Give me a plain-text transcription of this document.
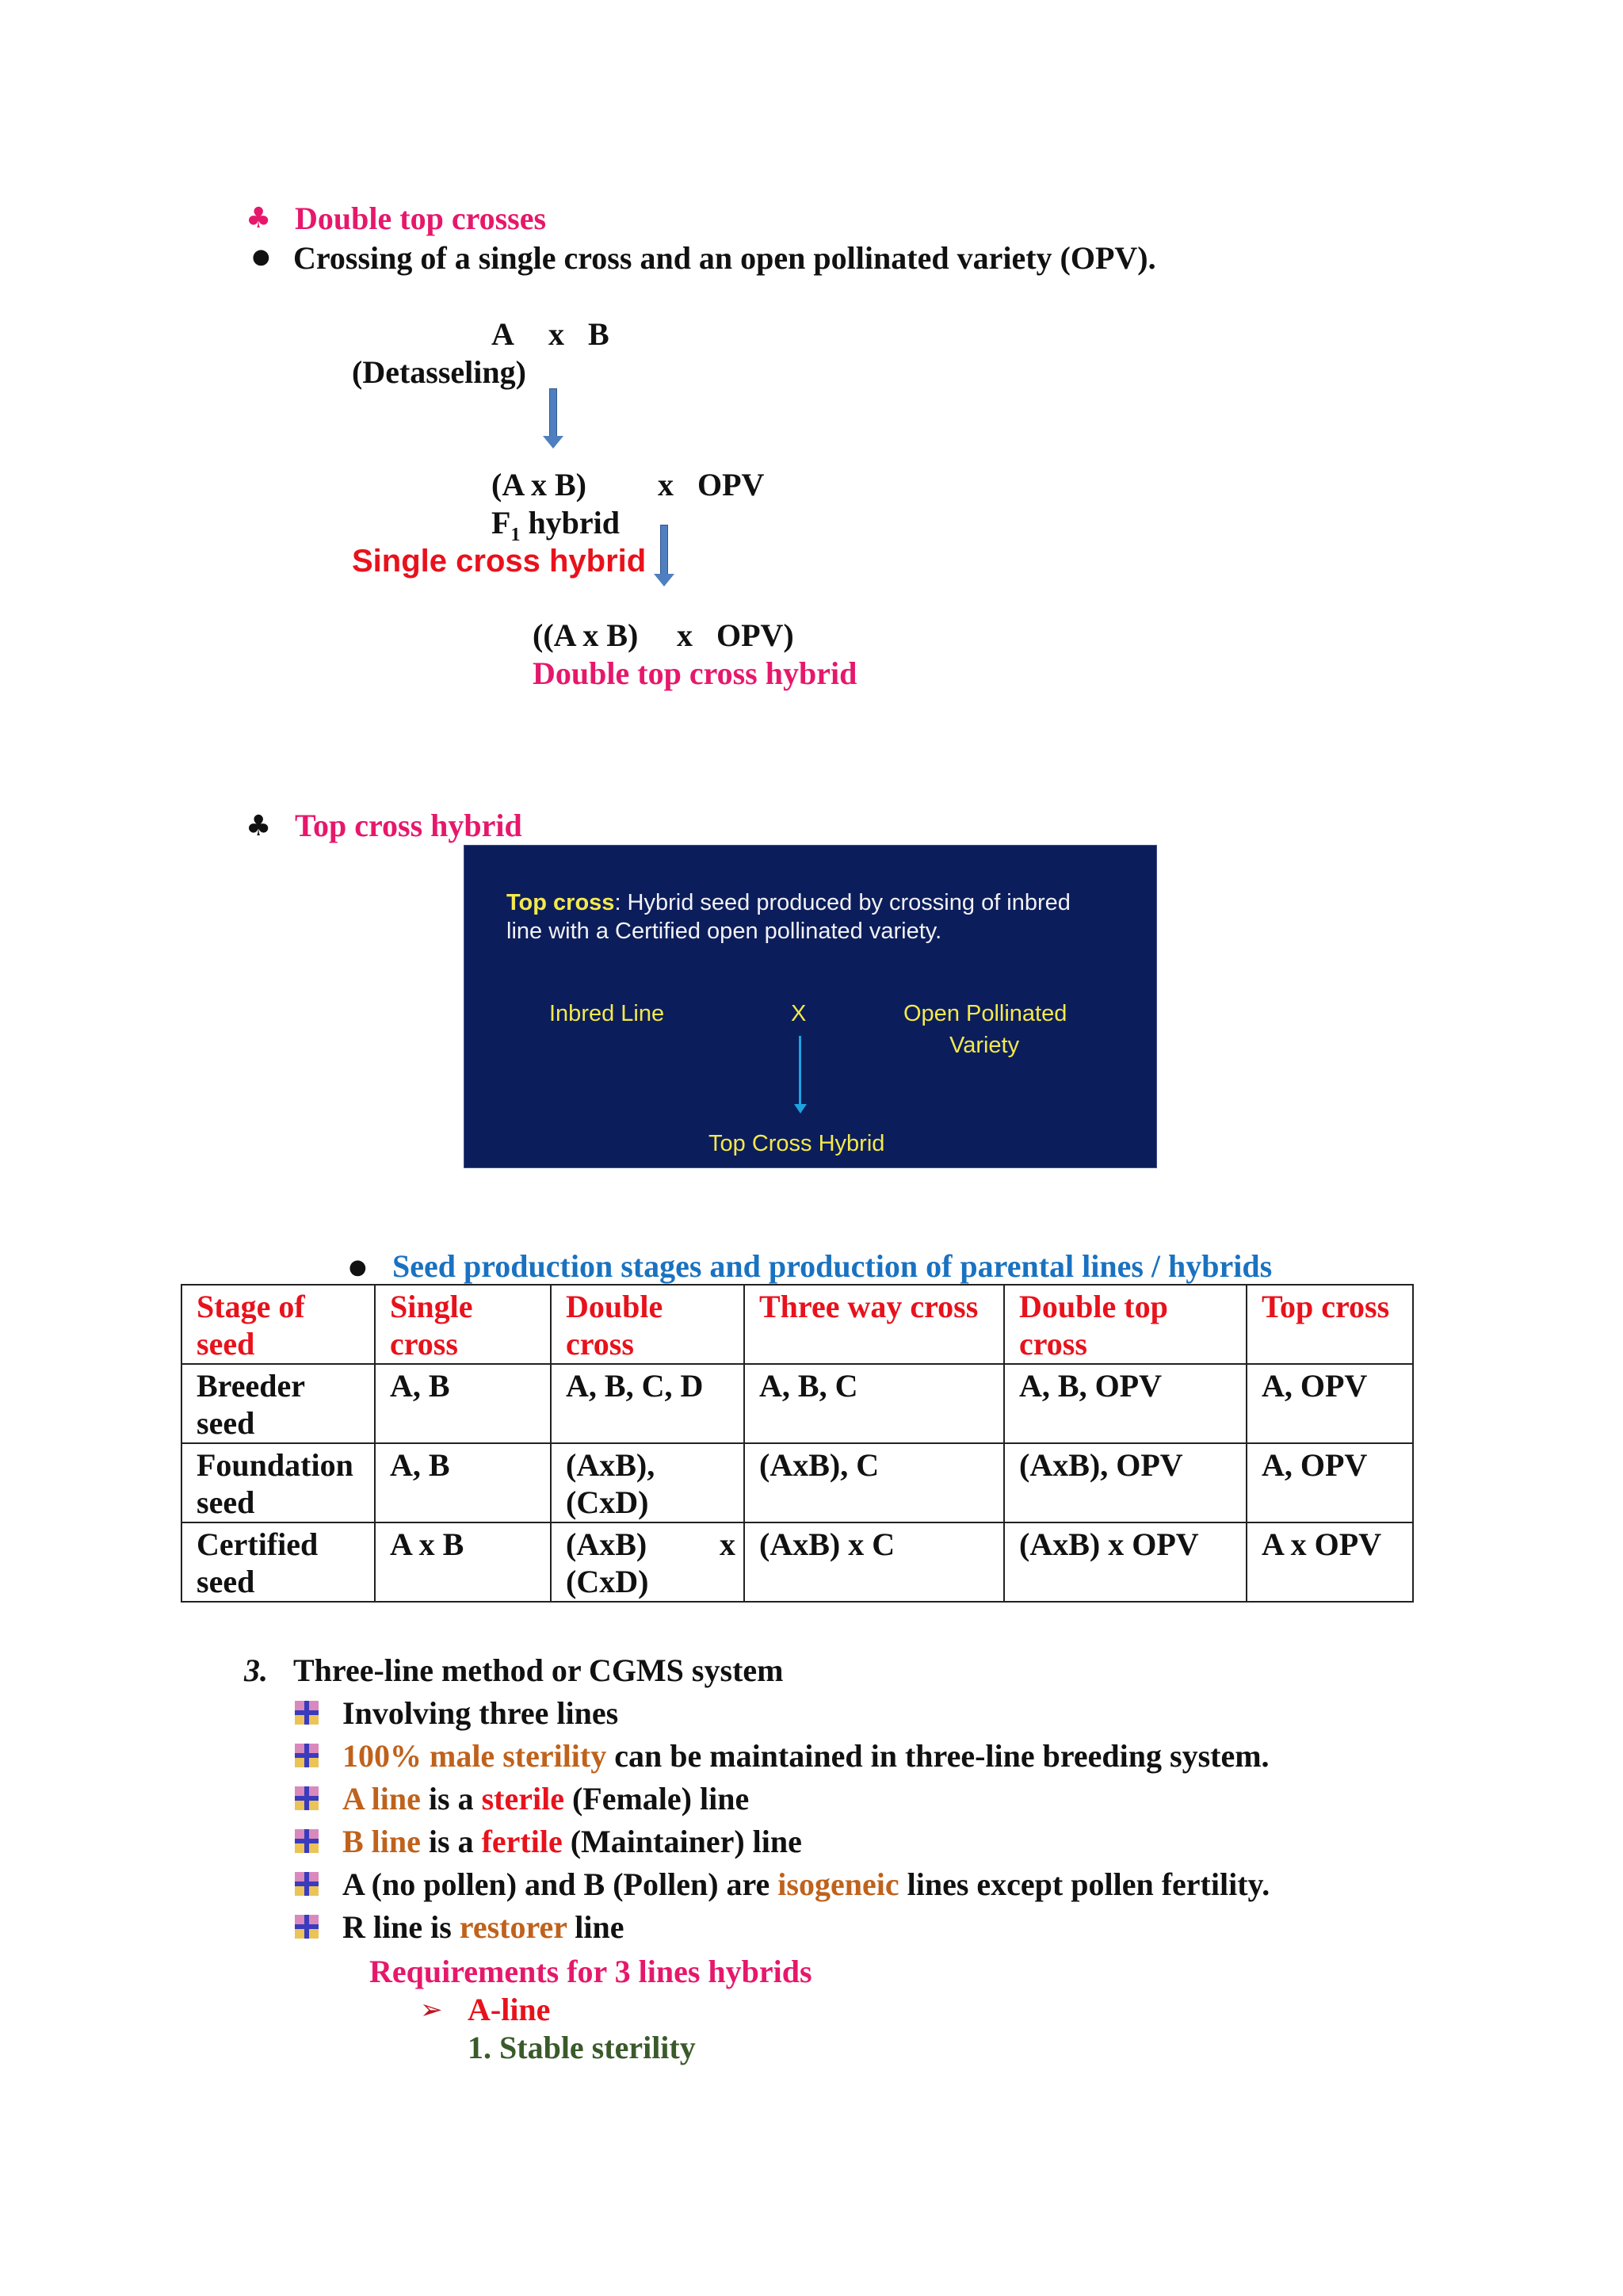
♣ Double top crosses
● Crossing of a single cross and an open pollinated variety (OPV).
A x B
(Detasseling)
(A x B) x OPV
$F_1$ hybrid
Single cross hybrid
((A x B) x OPV)
Double top cross hybrid
♣ Top cross hybrid
Top cross: Hybrid seed produced by crossing of inbred
line with a Certified open pollinated variety.
Inbred Line	X	Open Pollinated
Variety
Top Cross Hybrid
● Seed production stages and production of parental lines / hybrids
Stage of
seed	Single
cross	Double
cross	Three way cross	Double top
cross	Top cross
Breeder
seed	A, B	A, B, C, D	A, B, C	A, B, OPV	A, OPV
Foundation
seed	A, B	(AxB),
(CxD)	(AxB), C	(AxB), OPV	A, OPV
Certified
seed	A x B	(AxB) x
(CxD)	(AxB) x C	(AxB) x OPV	A x OPV
3. Three-line method or CGMS system
Involving three lines
100% male sterility can be maintained in three-line breeding system.
A line is a sterile (Female) line
B line is a fertile (Maintainer) line
A (no pollen) and B (Pollen) are isogeneic lines except pollen fertility.
R line is restorer line
Requirements for 3 lines hybrids
➢ A-line
1. Stable sterility
